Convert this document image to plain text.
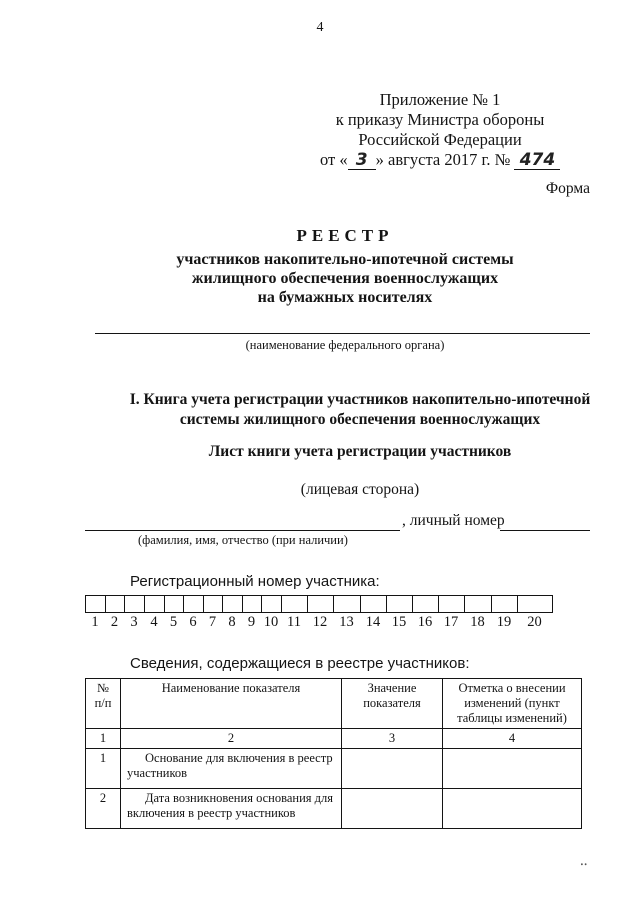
4
Приложение № 1
к приказу Министра обороны
Российской Федерации
от « 3 » августа 2017 г. № 474
Форма
РЕЕСТР
участников накопительно-ипотечной системы
жилищного обеспечения военнослужащих
на бумажных носителях
(наименование федерального органа)
I. Книга учета регистрации участников накопительно-ипотечной
системы жилищного обеспечения военнослужащих
Лист книги учета регистрации участников
(лицевая сторона)
, личный номер
(фамилия, имя, отчество (при наличии)
Регистрационный номер участника:
1 2 3 4 5 6 7 8 9 10 11 12 13 14 15 16 17 18 19	20
Сведения, содержащиеся в реестре участников:
№ п/п	Наименование показателя	Значение показателя	Отметка о внесении изменений (пункт таблицы изменений)
1	2	3	4
1	Основание для включения в реестр участников		
2	Дата возникновения основания для включения в реестр участников		
⸱⸱
